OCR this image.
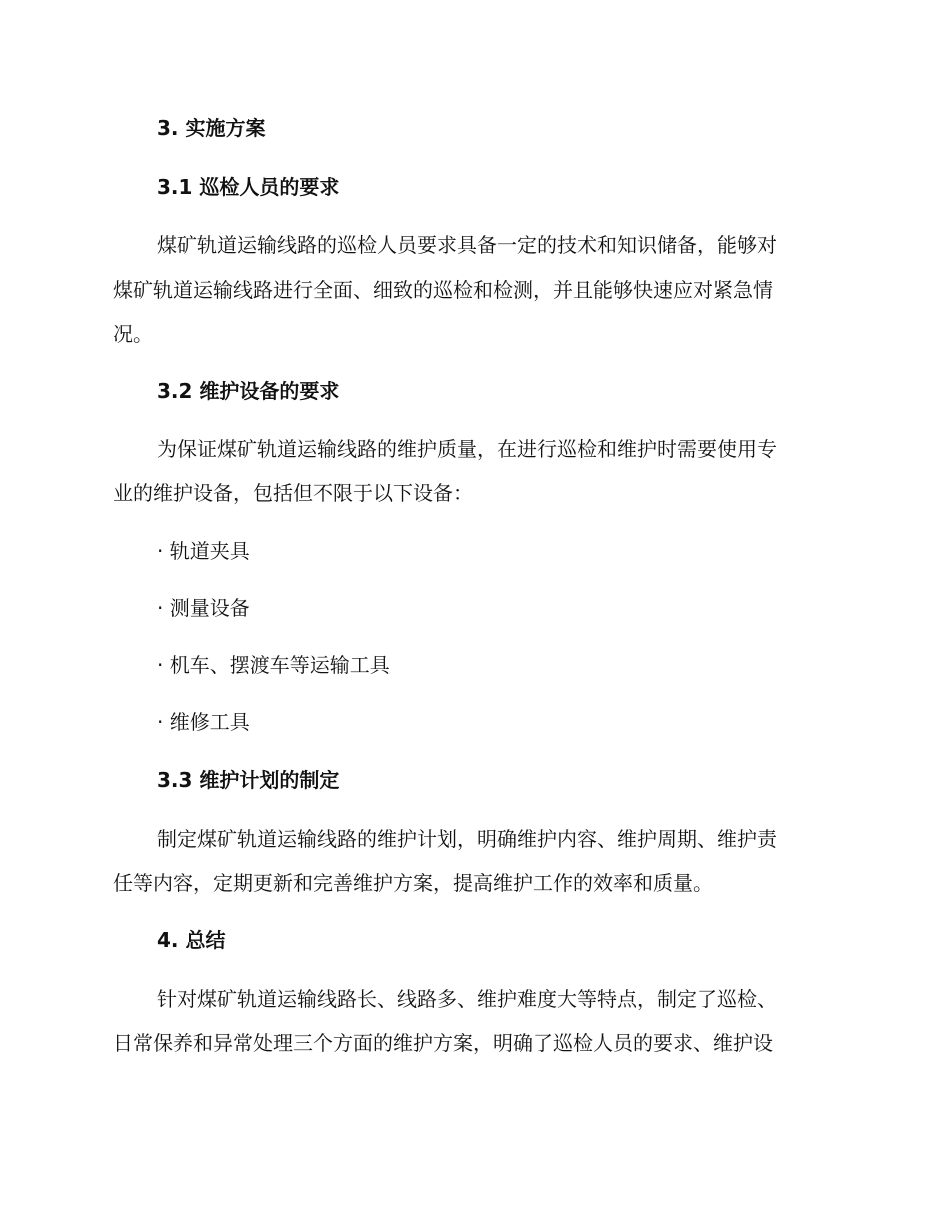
3. 实施方案

3.1 巡检人员的要求

煤矿轨道运输线路的巡检人员要求具备一定的技术和知识储备，能够对

煤矿轨道运输线路进行全面、细致的巡检和检测，并且能够快速应对紧急情

况。

3.2 维护设备的要求

为保证煤矿轨道运输线路的维护质量，在进行巡检和维护时需要使用专

业的维护设备，包括但不限于以下设备：

· 轨道夹具

· 测量设备

· 机车、摆渡车等运输工具

· 维修工具

3.3 维护计划的制定

制定煤矿轨道运输线路的维护计划，明确维护内容、维护周期、维护责

任等内容，定期更新和完善维护方案，提高维护工作的效率和质量。

4. 总结

针对煤矿轨道运输线路长、线路多、维护难度大等特点，制定了巡检、

日常保养和异常处理三个方面的维护方案，明确了巡检人员的要求、维护设
